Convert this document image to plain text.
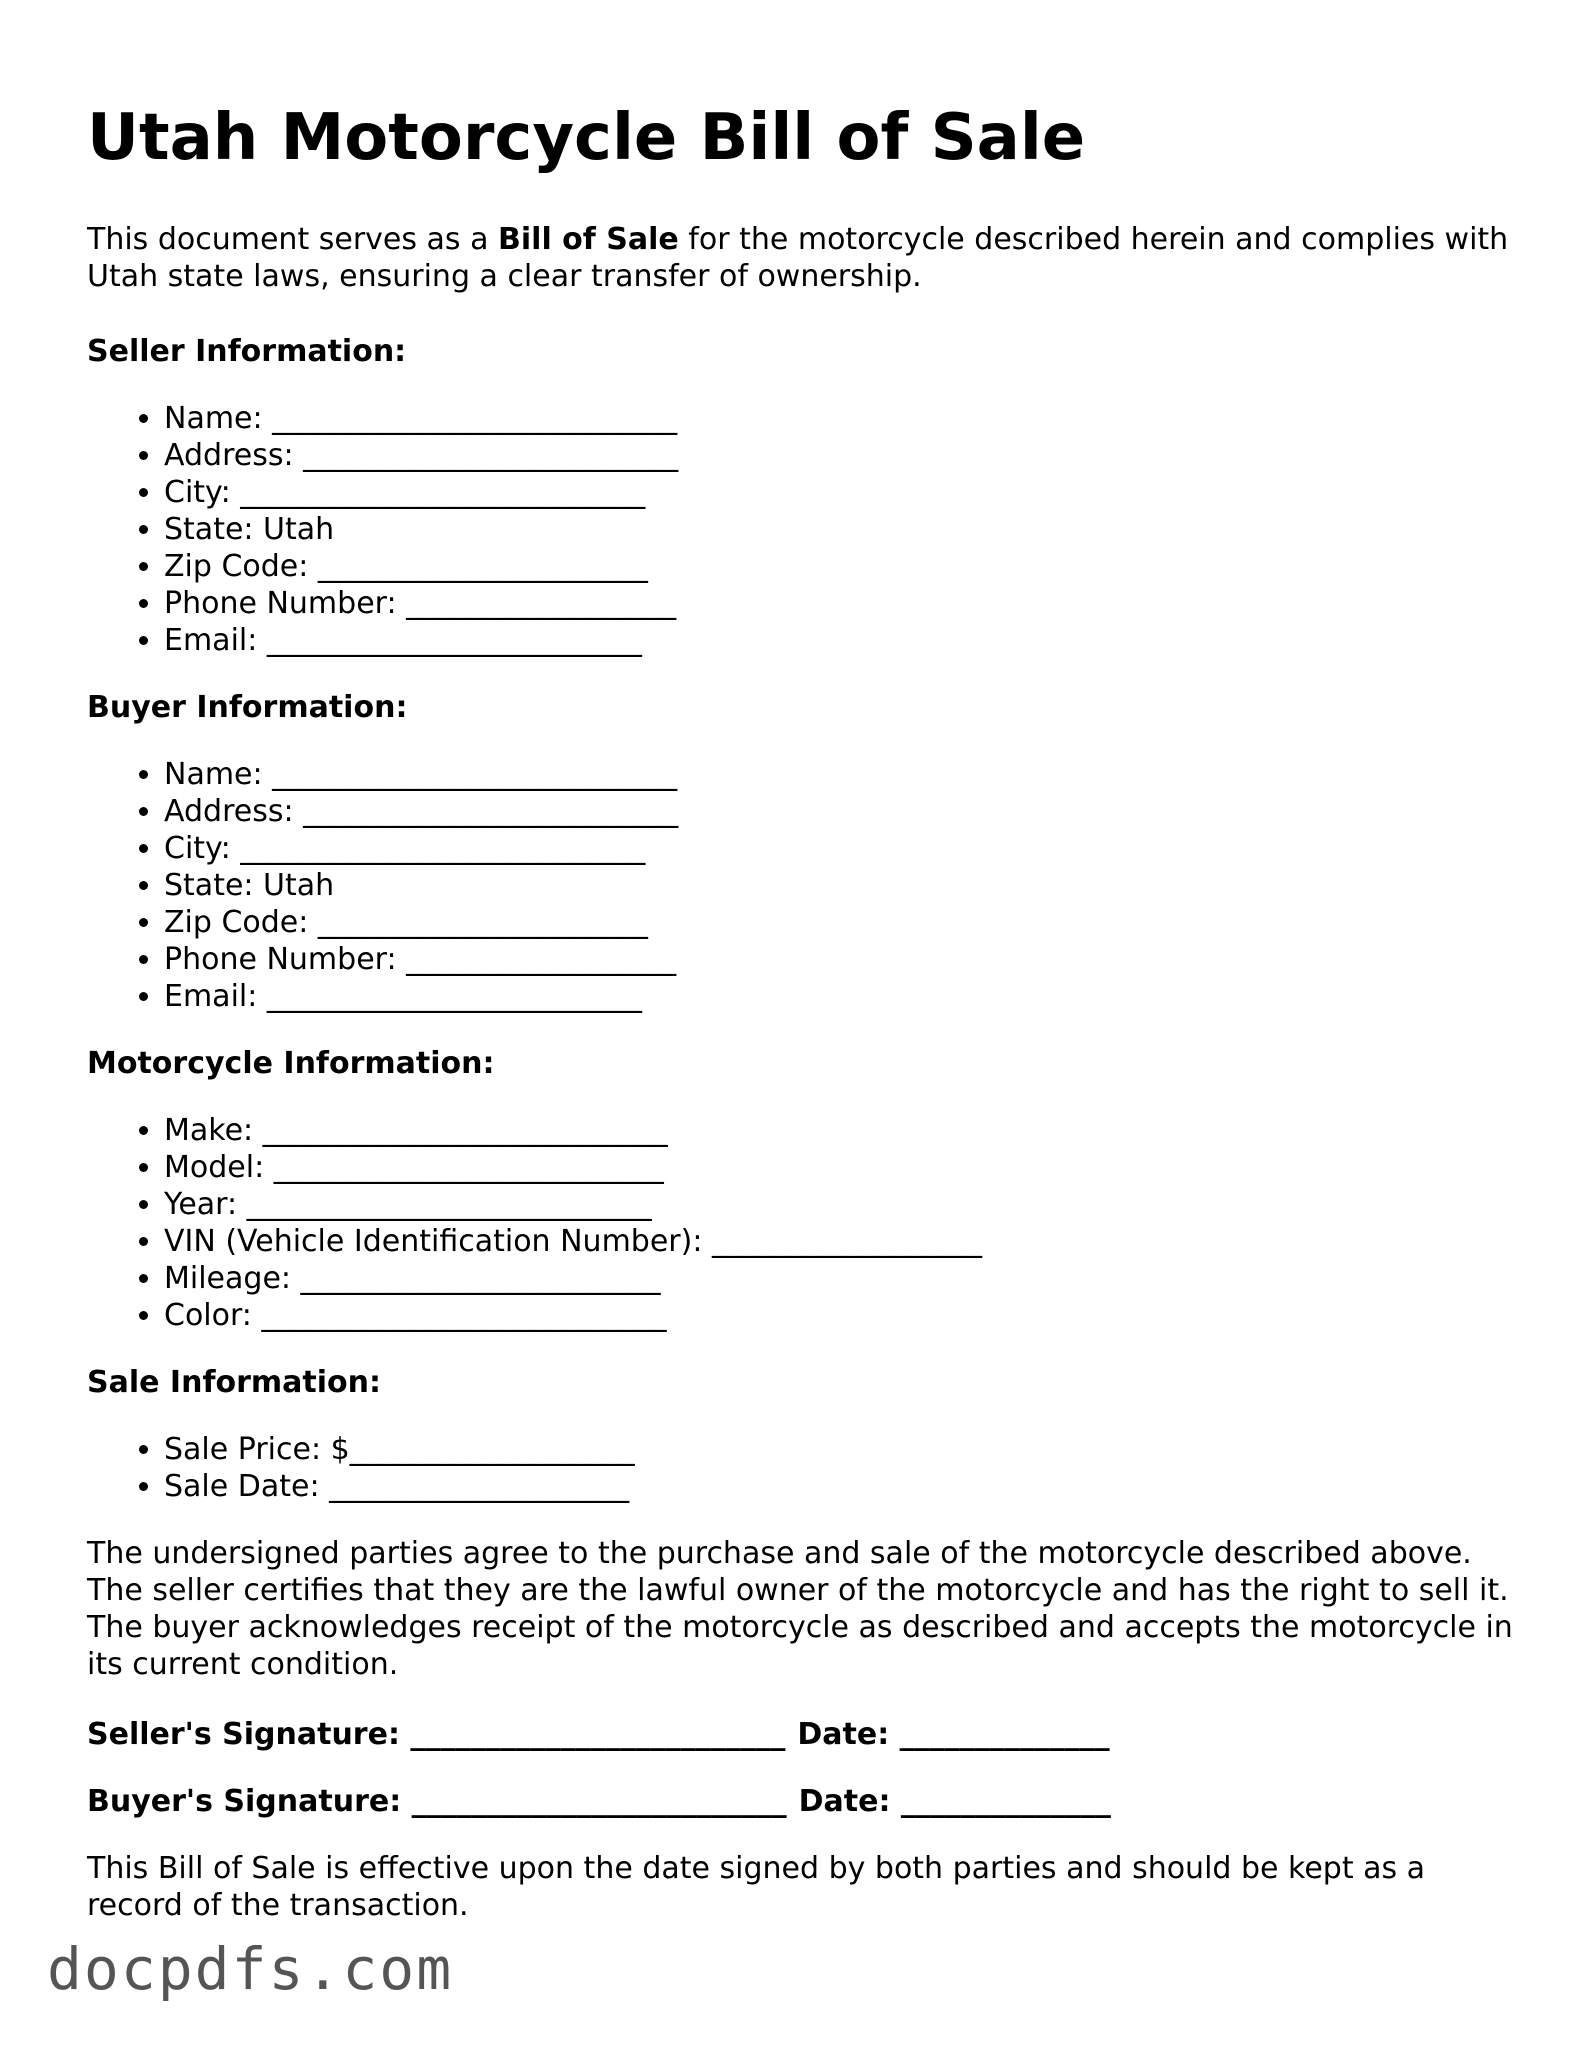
Utah Motorcycle Bill of Sale

This document serves as a Bill of Sale for the motorcycle described herein and complies with Utah state laws, ensuring a clear transfer of ownership.

Seller Information:
• Name: ___________________________
• Address: _________________________
• City: ___________________________
• State: Utah
• Zip Code: ______________________
• Phone Number: __________________
• Email: _________________________
Buyer Information:
• Name: ___________________________
• Address: _________________________
• City: ___________________________
• State: Utah
• Zip Code: ______________________
• Phone Number: __________________
• Email: _________________________
Motorcycle Information:
• Make: ___________________________
• Model: __________________________
• Year: ___________________________
• VIN (Vehicle Identification Number): __________________
• Mileage: ________________________
• Color: ___________________________
Sale Information:
• Sale Price: $___________________
• Sale Date: ____________________

The undersigned parties agree to the purchase and sale of the motorcycle described above. The seller certifies that they are the lawful owner of the motorcycle and has the right to sell it. The buyer acknowledges receipt of the motorcycle as described and accepts the motorcycle in its current condition.

Seller's Signature: _________________________ Date: ______________
Buyer's Signature: _________________________ Date: ______________

This Bill of Sale is effective upon the date signed by both parties and should be kept as a record of the transaction.

docpdfs.com
